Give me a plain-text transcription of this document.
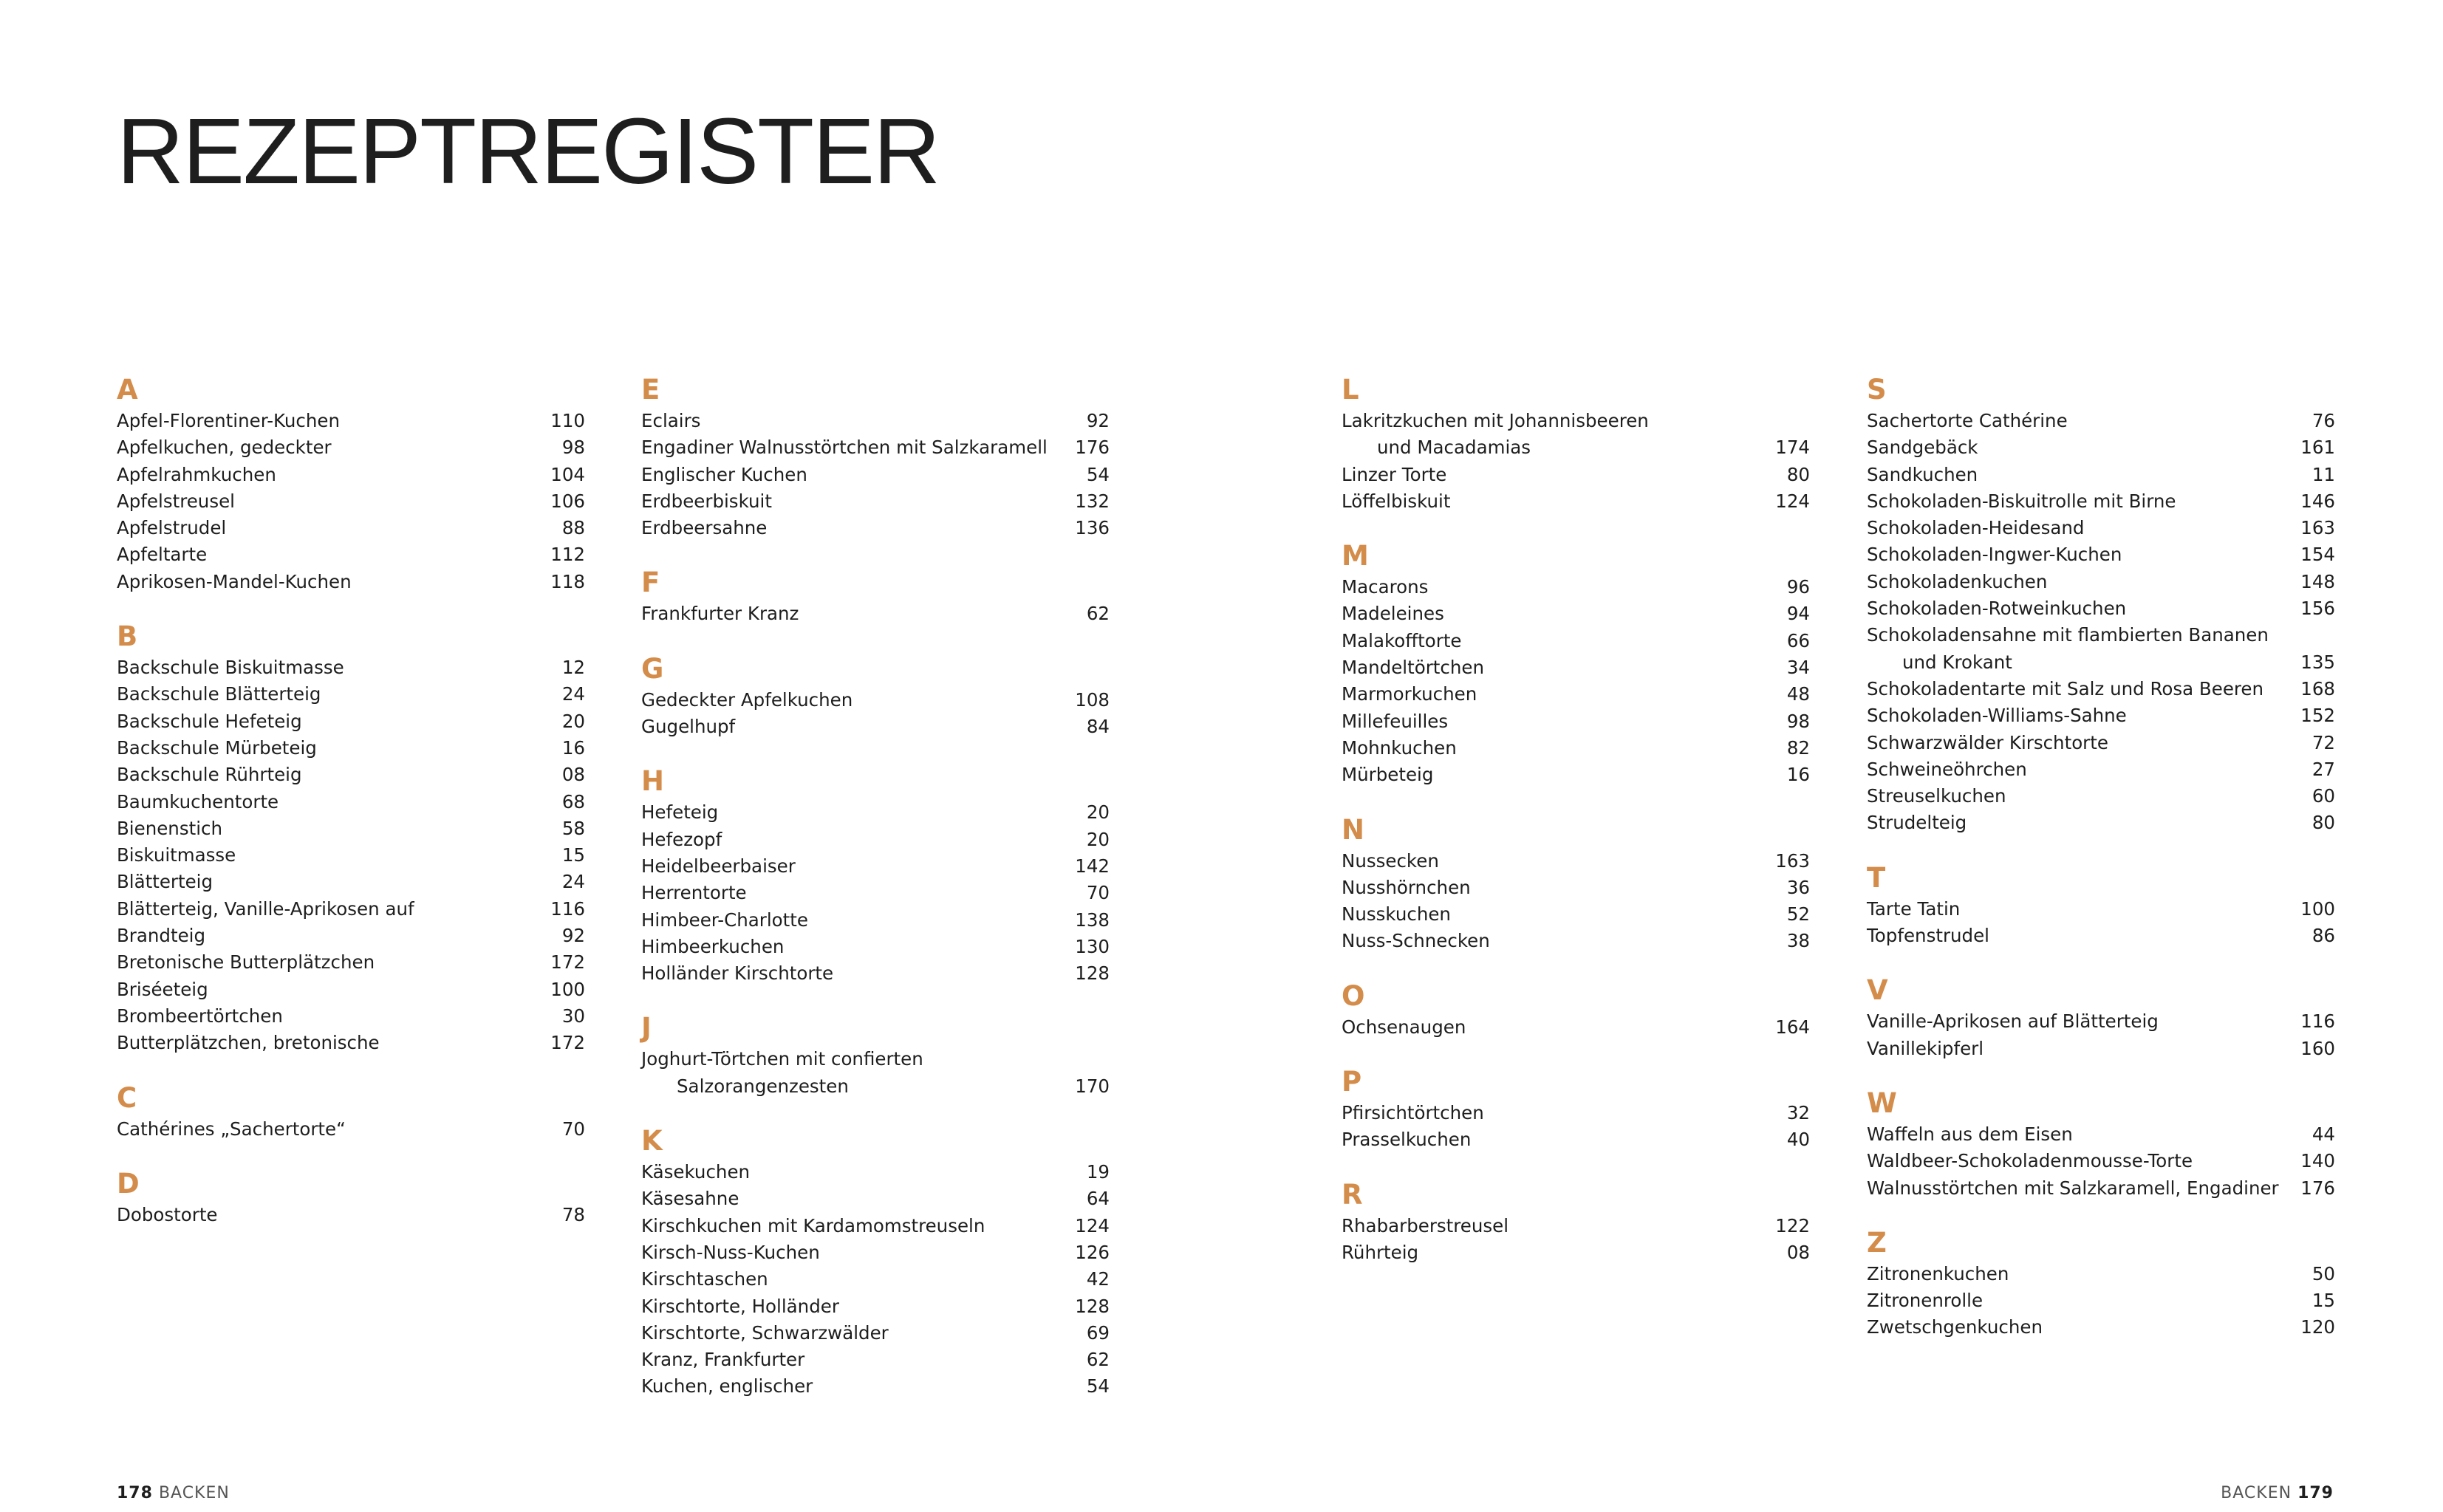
REZEPTREGISTER
A
Apfel-Florentiner-Kuchen	110
Apfelkuchen, gedeckter	98
Apfelrahmkuchen	104
Apfelstreusel	106
Apfelstrudel	88
Apfeltarte	112
Aprikosen-Mandel-Kuchen	118
B
Backschule Biskuitmasse	12
Backschule Blätterteig	24
Backschule Hefeteig	20
Backschule Mürbeteig	16
Backschule Rührteig	08
Baumkuchentorte	68
Bienenstich	58
Biskuitmasse	15
Blätterteig	24
Blätterteig, Vanille-Aprikosen auf	116
Brandteig	92
Bretonische Butterplätzchen	172
Briséeteig	100
Brombeertörtchen	30
Butterplätzchen, bretonische	172
C
Cathérines „Sachertorte“	70
D
Dobostorte	78
E
Eclairs	92
Engadiner Walnusstörtchen mit Salzkaramell	176
Englischer Kuchen	54
Erdbeerbiskuit	132
Erdbeersahne	136
F
Frankfurter Kranz	62
G
Gedeckter Apfelkuchen	108
Gugelhupf	84
H
Hefeteig	20
Hefezopf	20
Heidelbeerbaiser	142
Herrentorte	70
Himbeer-Charlotte	138
Himbeerkuchen	130
Holländer Kirschtorte	128
J
Joghurt-Törtchen mit confierten
Salzorangenzesten	170
K
Käsekuchen	19
Käsesahne	64
Kirschkuchen mit Kardamomstreuseln	124
Kirsch-Nuss-Kuchen	126
Kirschtaschen	42
Kirschtorte, Holländer	128
Kirschtorte, Schwarzwälder	69
Kranz, Frankfurter	62
Kuchen, englischer	54
L
Lakritzkuchen mit Johannisbeeren
und Macadamias	174
Linzer Torte	80
Löffelbiskuit	124
M
Macarons	96
Madeleines	94
Malakofftorte	66
Mandeltörtchen	34
Marmorkuchen	48
Millefeuilles	98
Mohnkuchen	82
Mürbeteig	16
N
Nussecken	163
Nusshörnchen	36
Nusskuchen	52
Nuss-Schnecken	38
O
Ochsenaugen	164
P
Pfirsichtörtchen	32
Prasselkuchen	40
R
Rhabarberstreusel	122
Rührteig	08
S
Sachertorte Cathérine	76
Sandgebäck	161
Sandkuchen	11
Schokoladen-Biskuitrolle mit Birne	146
Schokoladen-Heidesand	163
Schokoladen-Ingwer-Kuchen	154
Schokoladenkuchen	148
Schokoladen-Rotweinkuchen	156
Schokoladensahne mit flambierten Bananen
und Krokant	135
Schokoladentarte mit Salz und Rosa Beeren	168
Schokoladen-Williams-Sahne	152
Schwarzwälder Kirschtorte	72
Schweineöhrchen	27
Streuselkuchen	60
Strudelteig	80
T
Tarte Tatin	100
Topfenstrudel	86
V
Vanille-Aprikosen auf Blätterteig	116
Vanillekipferl	160
W
Waffeln aus dem Eisen	44
Waldbeer-Schokoladenmousse-Torte	140
Walnusstörtchen mit Salzkaramell, Engadiner	176
Z
Zitronenkuchen	50
Zitronenrolle	15
Zwetschgenkuchen	120
178 BACKEN	BACKEN 179
